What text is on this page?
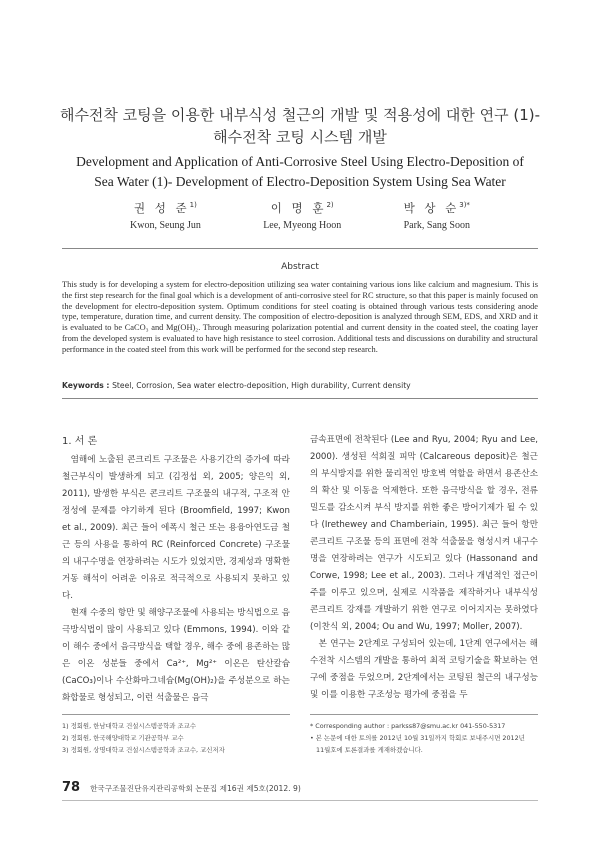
해수전착 코팅을 이용한 내부식성 철근의 개발 및 적용성에 대한 연구 (1)-
해수전착 코팅 시스템 개발
Development and Application of Anti-Corrosive Steel Using Electro-Deposition of
Sea Water (1)- Development of Electro-Deposition System Using Sea Water
권 성 준$^{1)}$
Kwon, Seung Jun
이 명 훈$^{2)}$
Lee, Myeong Hoon
박 상 순$^{3)*}$
Park, Sang Soon
Abstract
This study is for developing a system for electro-deposition utilizing sea water containing various ions like calcium and magnesium. This is the first step research for the final goal which is a development of anti-corrosive steel for RC structure, so that this paper is mainly focused on the development for electro-deposition system. Optimum conditions for steel coating is obtained through various tests considering anode type, temperature, duration time, and current density. The composition of electro-deposition is analyzed through SEM, EDS, and XRD and it is evaluated to be CaCO₃ and Mg(OH)₂. Through measuring polarization potential and current density in the coated steel, the coating layer from the developed system is evaluated to have high resistance to steel corrosion. Additional tests and discussions on durability and structural performance in the coated steel from this work will be performed for the second step research.
Keywords : Steel, Corrosion, Sea water electro-deposition, High durability, Current density
1. 서 론

염해에 노출된 콘크리트 구조물은 사용기간의 증가에 따라 철근부식이 발생하게 되고 (김정섭 외, 2005; 양은익 외, 2011), 발생한 부식은 콘크리트 구조물의 내구적, 구조적 안정성에 문제를 야기하게 된다 (Broomfield, 1997; Kwon et al., 2009). 최근 들어 에폭시 철근 또는 용융아연도금 철근 등의 사용을 통하여 RC (Reinforced Concrete) 구조물의 내구수명을 연장하려는 시도가 있었지만, 경제성과 명확한 거동 해석이 어려운 이유로 적극적으로 사용되지 못하고 있다.

현재 수중의 항만 및 해양구조물에 사용되는 방식법으로 음극방식법이 많이 사용되고 있다 (Emmons, 1994). 이와 같이 해수 중에서 음극방식을 택할 경우, 해수 중에 용존하는 많은 이온 성분들 중에서 Ca²⁺, Mg²⁺ 이온은 탄산칼슘(CaCO₃)이나 수산화마그네슘(Mg(OH)₂)을 주성분으로 하는 화합물로 형성되고, 이런 석출물은 음극

금속표면에 전착된다 (Lee and Ryu, 2004; Ryu and Lee, 2000). 생성된 석회질 피막 (Calcareous deposit)은 철근의 부식방지를 위한 물리적인 방호벽 역할을 하면서 용존산소의 확산 및 이동을 억제한다. 또한 음극방식을 할 경우, 전류밀도를 감소시켜 부식 방지를 위한 좋은 방어기제가 될 수 있다 (Irethewey and Chamberiain, 1995). 최근 들어 항만 콘크리트 구조물 등의 표면에 전착 석출물을 형성시켜 내구수명을 연장하려는 연구가 시도되고 있다 (Hassonand and Corwe, 1998; Lee et al., 2003). 그러나 개념적인 접근이 주를 이루고 있으며, 실제로 시작품을 제작하거나 내부식성 콘크리트 강재를 개발하기 위한 연구로 이어지지는 못하였다 (이찬식 외, 2004; Ou and Wu, 1997; Moller, 2007).

본 연구는 2단계로 구성되어 있는데, 1단계 연구에서는 해수전착 시스템의 개발을 통하여 최적 코팅기술을 확보하는 연구에 중점을 두었으며, 2단계에서는 코팅된 철근의 내구성능 및 이를 이용한 구조성능 평가에 중점을 두

1) 정회원, 한남대학교 건설시스템공학과 조교수
2) 정회원, 한국해양대학교 기관공학부 교수
3) 정회원, 상명대학교 건설시스템공학과 조교수, 교신저자
* Corresponding author : parkss87@smu.ac.kr 041-550-5317
• 본 논문에 대한 토의를 2012년 10월 31일까지 학회로 보내주시면 2012년
11월호에 토론결과를 게재하겠습니다.
78 한국구조물진단유지관리공학회 논문집 제16권 제5호(2012. 9)
